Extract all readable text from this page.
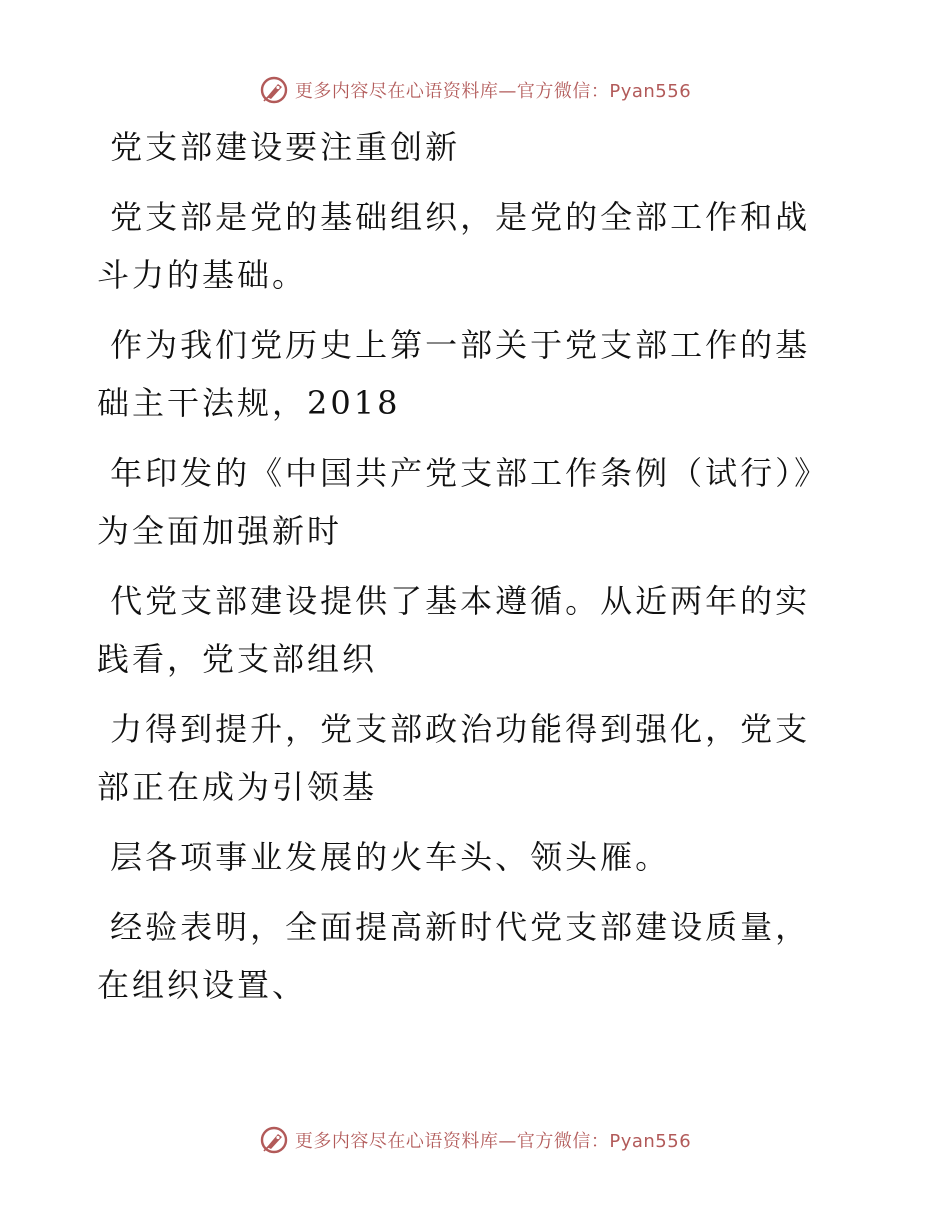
更多内容尽在心语资料库—官方微信：Pyan556

党支部建设要注重创新

党支部是党的基础组织，是党的全部工作和战斗力的基础。

作为我们党历史上第一部关于党支部工作的基础主干法规，2018

年印发的《中国共产党支部工作条例（试行）》为全面加强新时

代党支部建设提供了基本遵循。从近两年的实践看，党支部组织

力得到提升，党支部政治功能得到强化，党支部正在成为引领基

层各项事业发展的火车头、领头雁。

经验表明，全面提高新时代党支部建设质量，在组织设置、

更多内容尽在心语资料库—官方微信：Pyan556
